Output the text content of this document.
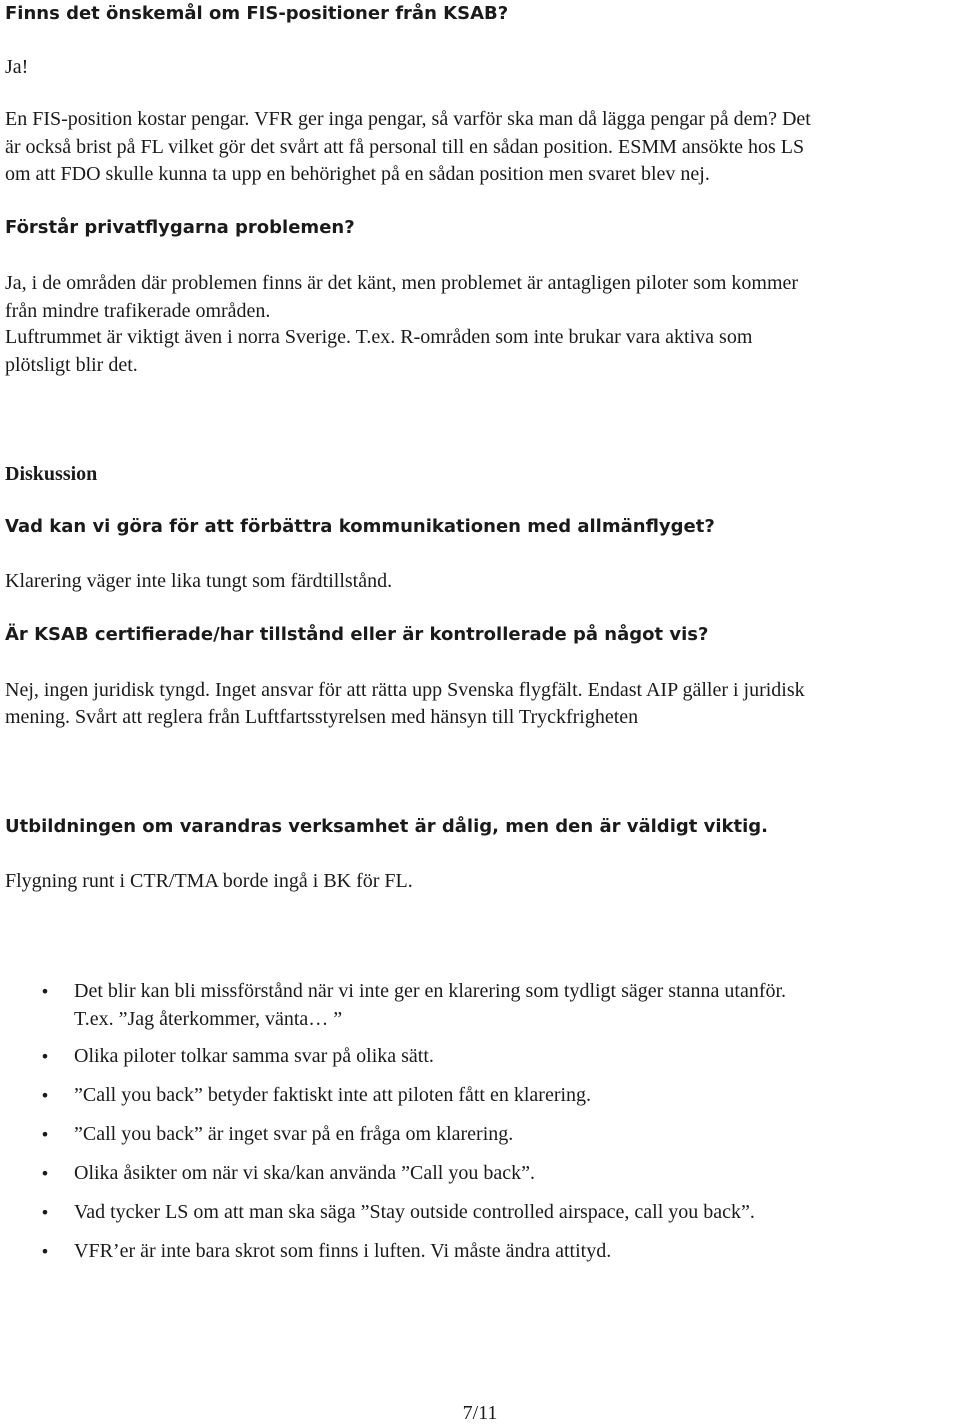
Finns det önskemål om FIS-positioner från KSAB?
Ja!
En FIS-position kostar pengar. VFR ger inga pengar, så varför ska man då lägga pengar på dem? Det
är också brist på FL vilket gör det svårt att få personal till en sådan position. ESMM ansökte hos LS
om att FDO skulle kunna ta upp en behörighet på en sådan position men svaret blev nej.
Förstår privatflygarna problemen?
Ja, i de områden där problemen finns är det känt, men problemet är antagligen piloter som kommer
från mindre trafikerade områden.
Luftrummet är viktigt även i norra Sverige. T.ex. R-områden som inte brukar vara aktiva som
plötsligt blir det.
Diskussion
Vad kan vi göra för att förbättra kommunikationen med allmänflyget?
Klarering väger inte lika tungt som färdtillstånd.
Är KSAB certifierade/har tillstånd eller är kontrollerade på något vis?
Nej, ingen juridisk tyngd. Inget ansvar för att rätta upp Svenska flygfält. Endast AIP gäller i juridisk
mening. Svårt att reglera från Luftfartsstyrelsen med hänsyn till Tryckfrigheten
Utbildningen om varandras verksamhet är dålig, men den är väldigt viktig.
Flygning runt i CTR/TMA borde ingå i BK för FL.
• Det blir kan bli missförstånd när vi inte ger en klarering som tydligt säger stanna utanför.
T.ex. ”Jag återkommer, vänta… ”
• Olika piloter tolkar samma svar på olika sätt.
• ”Call you back” betyder faktiskt inte att piloten fått en klarering.
• ”Call you back” är inget svar på en fråga om klarering.
• Olika åsikter om när vi ska/kan använda ”Call you back”.
• Vad tycker LS om att man ska säga ”Stay outside controlled airspace, call you back”.
• VFR’er är inte bara skrot som finns i luften. Vi måste ändra attityd.
7/11
